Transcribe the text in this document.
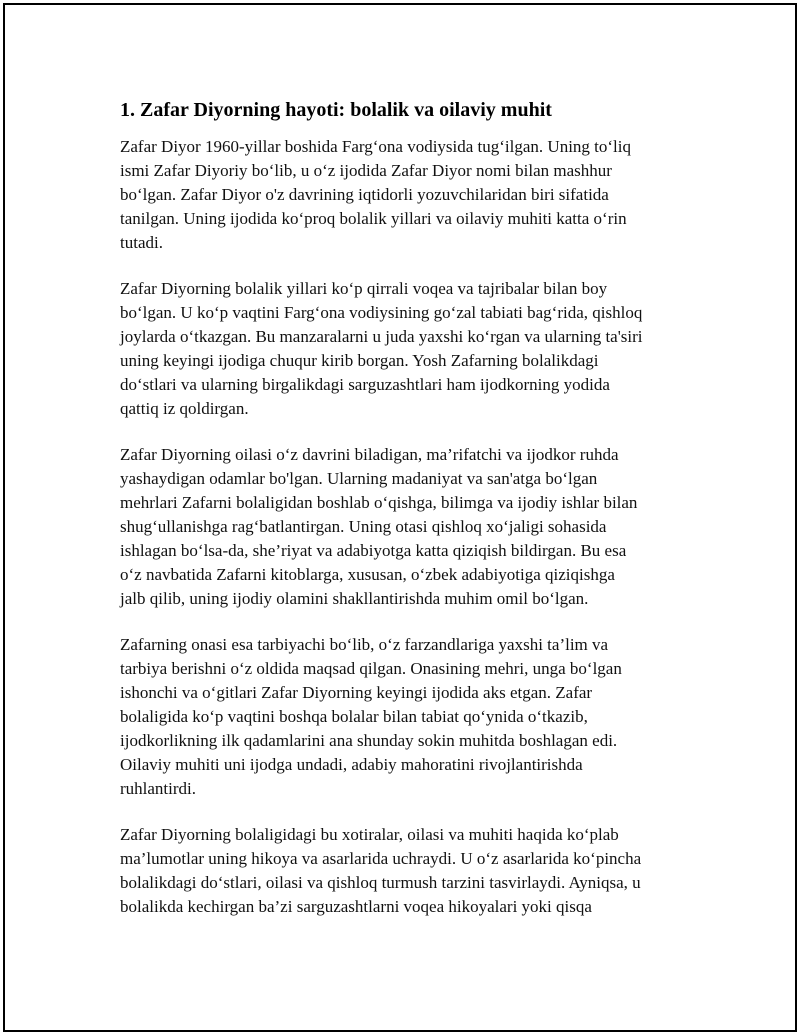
1. Zafar Diyorning hayoti: bolalik va oilaviy muhit
Zafar Diyor 1960-yillar boshida Farg‘ona vodiysida tug‘ilgan. Uning to‘liq
ismi Zafar Diyoriy bo‘lib, u o‘z ijodida Zafar Diyor nomi bilan mashhur
bo‘lgan. Zafar Diyor o'z davrining iqtidorli yozuvchilaridan biri sifatida
tanilgan. Uning ijodida ko‘proq bolalik yillari va oilaviy muhiti katta o‘rin
tutadi.
Zafar Diyorning bolalik yillari ko‘p qirrali voqea va tajribalar bilan boy
bo‘lgan. U ko‘p vaqtini Farg‘ona vodiysining go‘zal tabiati bag‘rida, qishloq
joylarda o‘tkazgan. Bu manzaralarni u juda yaxshi ko‘rgan va ularning ta'siri
uning keyingi ijodiga chuqur kirib borgan. Yosh Zafarning bolalikdagi
do‘stlari va ularning birgalikdagi sarguzashtlari ham ijodkorning yodida
qattiq iz qoldirgan.
Zafar Diyorning oilasi o‘z davrini biladigan, ma’rifatchi va ijodkor ruhda
yashaydigan odamlar bo'lgan. Ularning madaniyat va san'atga bo‘lgan
mehrlari Zafarni bolaligidan boshlab o‘qishga, bilimga va ijodiy ishlar bilan
shug‘ullanishga rag‘batlantirgan. Uning otasi qishloq xo‘jaligi sohasida
ishlagan bo‘lsa-da, she’riyat va adabiyotga katta qiziqish bildirgan. Bu esa
o‘z navbatida Zafarni kitoblarga, xususan, o‘zbek adabiyotiga qiziqishga
jalb qilib, uning ijodiy olamini shakllantirishda muhim omil bo‘lgan.
Zafarning onasi esa tarbiyachi bo‘lib, o‘z farzandlariga yaxshi ta’lim va
tarbiya berishni o‘z oldida maqsad qilgan. Onasining mehri, unga bo‘lgan
ishonchi va o‘gitlari Zafar Diyorning keyingi ijodida aks etgan. Zafar
bolaligida ko‘p vaqtini boshqa bolalar bilan tabiat qo‘ynida o‘tkazib,
ijodkorlikning ilk qadamlarini ana shunday sokin muhitda boshlagan edi.
Oilaviy muhiti uni ijodga undadi, adabiy mahoratini rivojlantirishda
ruhlantirdi.
Zafar Diyorning bolaligidagi bu xotiralar, oilasi va muhiti haqida ko‘plab
ma’lumotlar uning hikoya va asarlarida uchraydi. U o‘z asarlarida ko‘pincha
bolalikdagi do‘stlari, oilasi va qishloq turmush tarzini tasvirlaydi. Ayniqsa, u
bolalikda kechirgan ba’zi sarguzashtlarni voqea hikoyalari yoki qisqa
